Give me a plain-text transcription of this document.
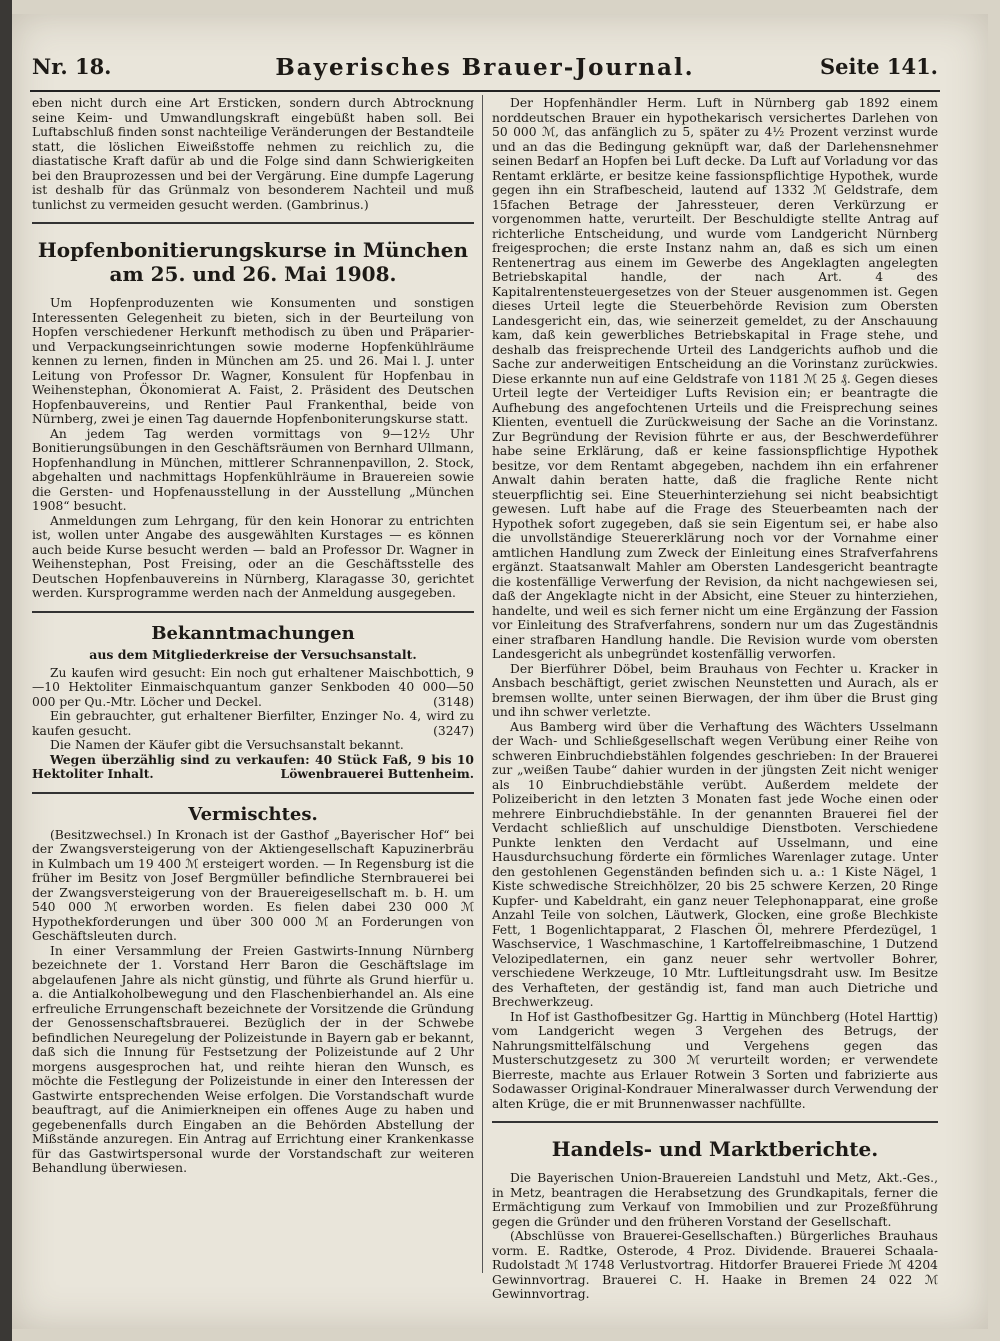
Nr. 18.	Bayerisches Brauer-Journal.	Seite 141.

eben nicht durch eine Art Ersticken, sondern durch Abtrocknung seine Keim- und Umwandlungskraft eingebüßt haben soll. Bei Luftabschluß finden sonst nachteilige Veränderungen der Bestandteile statt, die löslichen Eiweißstoffe nehmen zu reichlich zu, die diastatische Kraft dafür ab und die Folge sind dann Schwierigkeiten bei den Brauprozessen und bei der Vergärung. Eine dumpfe Lagerung ist deshalb für das Grünmalz von besonderem Nachteil und muß tunlichst zu vermeiden gesucht werden. (Gambrinus.)

Hopfenbonitierungskurse in München
am 25. und 26. Mai 1908.

Um Hopfenproduzenten wie Konsumenten und sonstigen Interessenten Gelegenheit zu bieten, sich in der Beurteilung von Hopfen verschiedener Herkunft methodisch zu üben und Präparier- und Verpackungseinrichtungen sowie moderne Hopfenkühlräume kennen zu lernen, finden in München am 25. und 26. Mai l. J. unter Leitung von Professor Dr. Wagner, Konsulent für Hopfenbau in Weihenstephan, Ökonomierat A. Faist, 2. Präsident des Deutschen Hopfenbauvereins, und Rentier Paul Frankenthal, beide von Nürnberg, zwei je einen Tag dauernde Hopfenboniterungskurse statt.

An jedem Tag werden vormittags von 9—12½ Uhr Bonitierungsübungen in den Geschäftsräumen von Bernhard Ullmann, Hopfenhandlung in München, mittlerer Schrannenpavillon, 2. Stock, abgehalten und nachmittags Hopfenkühlräume in Brauereien sowie die Gersten- und Hopfenausstellung in der Ausstellung „München 1908“ besucht.

Anmeldungen zum Lehrgang, für den kein Honorar zu entrichten ist, wollen unter Angabe des ausgewählten Kurstages — es können auch beide Kurse besucht werden — bald an Professor Dr. Wagner in Weihenstephan, Post Freising, oder an die Geschäftsstelle des Deutschen Hopfenbauvereins in Nürnberg, Klaragasse 30, gerichtet werden. Kursprogramme werden nach der Anmeldung ausgegeben.

Bekanntmachungen
aus dem Mitgliederkreise der Versuchsanstalt.

Zu kaufen wird gesucht: Ein noch gut erhaltener Maischbottich, 9—10 Hektoliter Einmaischquantum ganzer Senkboden 40 000—50 000 per Qu.-Mtr. Löcher und Deckel.	(3148)

Ein gebrauchter, gut erhaltener Bierfilter, Enzinger No. 4, wird zu kaufen gesucht.	(3247)

Die Namen der Käufer gibt die Versuchsanstalt bekannt.

Wegen überzählig sind zu verkaufen: 40 Stück Faß, 9 bis 10 Hektoliter Inhalt.	Löwenbrauerei Buttenheim.

Vermischtes.

(Besitzwechsel.) In Kronach ist der Gasthof „Bayerischer Hof“ bei der Zwangsversteigerung von der Aktiengesellschaft Kapuzinerbräu in Kulmbach um 19 400 ℳ ersteigert worden. — In Regensburg ist die früher im Besitz von Josef Bergmüller befindliche Sternbrauerei bei der Zwangsversteigerung von der Brauereigesellschaft m. b. H. um 540 000 ℳ erworben worden. Es fielen dabei 230 000 ℳ Hypothekforderungen und über 300 000 ℳ an Forderungen von Geschäftsleuten durch.

In einer Versammlung der Freien Gastwirts-Innung Nürnberg bezeichnete der 1. Vorstand Herr Baron die Geschäftslage im abgelaufenen Jahre als nicht günstig, und führte als Grund hierfür u. a. die Antialkoholbewegung und den Flaschenbierhandel an. Als eine erfreuliche Errungenschaft bezeichnete der Vorsitzende die Gründung der Genossenschaftsbrauerei. Bezüglich der in der Schwebe befindlichen Neuregelung der Polizeistunde in Bayern gab er bekannt, daß sich die Innung für Festsetzung der Polizeistunde auf 2 Uhr morgens ausgesprochen hat, und reihte hieran den Wunsch, es möchte die Festlegung der Polizeistunde in einer den Interessen der Gastwirte entsprechenden Weise erfolgen. Die Vorstandschaft wurde beauftragt, auf die Animierkneipen ein offenes Auge zu haben und gegebenenfalls durch Eingaben an die Behörden Abstellung der Mißstände anzuregen. Ein Antrag auf Errichtung einer Krankenkasse für das Gastwirtspersonal wurde der Vorstandschaft zur weiteren Behandlung überwiesen.

Der Hopfenhändler Herm. Luft in Nürnberg gab 1892 einem norddeutschen Brauer ein hypothekarisch versichertes Darlehen von 50 000 ℳ, das anfänglich zu 5, später zu 4½ Prozent verzinst wurde und an das die Bedingung geknüpft war, daß der Darlehensnehmer seinen Bedarf an Hopfen bei Luft decke. Da Luft auf Vorladung vor das Rentamt erklärte, er besitze keine fassionspflichtige Hypothek, wurde gegen ihn ein Strafbescheid, lautend auf 1332 ℳ Geldstrafe, dem 15fachen Betrage der Jahressteuer, deren Verkürzung er vorgenommen hatte, verurteilt. Der Beschuldigte stellte Antrag auf richterliche Entscheidung, und wurde vom Landgericht Nürnberg freigesprochen; die erste Instanz nahm an, daß es sich um einen Rentenertrag aus einem im Gewerbe des Angeklagten angelegten Betriebskapital handle, der nach Art. 4 des Kapitalrentensteuergesetzes von der Steuer ausgenommen ist. Gegen dieses Urteil legte die Steuerbehörde Revision zum Obersten Landesgericht ein, das, wie seinerzeit gemeldet, zu der Anschauung kam, daß kein gewerbliches Betriebskapital in Frage stehe, und deshalb das freisprechende Urteil des Landgerichts aufhob und die Sache zur anderweitigen Entscheidung an die Vorinstanz zurückwies. Diese erkannte nun auf eine Geldstrafe von 1181 ℳ 25 ₰. Gegen dieses Urteil legte der Verteidiger Lufts Revision ein; er beantragte die Aufhebung des angefochtenen Urteils und die Freisprechung seines Klienten, eventuell die Zurückweisung der Sache an die Vorinstanz. Zur Begründung der Revision führte er aus, der Beschwerdeführer habe seine Erklärung, daß er keine fassionspflichtige Hypothek besitze, vor dem Rentamt abgegeben, nachdem ihn ein erfahrener Anwalt dahin beraten hatte, daß die fragliche Rente nicht steuerpflichtig sei. Eine Steuerhinterziehung sei nicht beabsichtigt gewesen. Luft habe auf die Frage des Steuerbeamten nach der Hypothek sofort zugegeben, daß sie sein Eigentum sei, er habe also die unvollständige Steuererklärung noch vor der Vornahme einer amtlichen Handlung zum Zweck der Einleitung eines Strafverfahrens ergänzt. Staatsanwalt Mahler am Obersten Landesgericht beantragte die kostenfällige Verwerfung der Revision, da nicht nachgewiesen sei, daß der Angeklagte nicht in der Absicht, eine Steuer zu hinterziehen, handelte, und weil es sich ferner nicht um eine Ergänzung der Fassion vor Einleitung des Strafverfahrens, sondern nur um das Zugeständnis einer strafbaren Handlung handle. Die Revision wurde vom obersten Landesgericht als unbegründet kostenfällig verworfen.

Der Bierführer Döbel, beim Brauhaus von Fechter u. Kracker in Ansbach beschäftigt, geriet zwischen Neunstetten und Aurach, als er bremsen wollte, unter seinen Bierwagen, der ihm über die Brust ging und ihn schwer verletzte.

Aus Bamberg wird über die Verhaftung des Wächters Usselmann der Wach- und Schließgesellschaft wegen Verübung einer Reihe von schweren Einbruchdiebstählen folgendes geschrieben: In der Brauerei zur „weißen Taube“ dahier wurden in der jüngsten Zeit nicht weniger als 10 Einbruchdiebstähle verübt. Außerdem meldete der Polizeibericht in den letzten 3 Monaten fast jede Woche einen oder mehrere Einbruchdiebstähle. In der genannten Brauerei fiel der Verdacht schließlich auf unschuldige Dienstboten. Verschiedene Punkte lenkten den Verdacht auf Usselmann, und eine Hausdurchsuchung förderte ein förmliches Warenlager zutage. Unter den gestohlenen Gegenständen befinden sich u. a.: 1 Kiste Nägel, 1 Kiste schwedische Streichhölzer, 20 bis 25 schwere Kerzen, 20 Ringe Kupfer- und Kabeldraht, ein ganz neuer Telephonapparat, eine große Anzahl Teile von solchen, Läutwerk, Glocken, eine große Blechkiste Fett, 1 Bogenlichtapparat, 2 Flaschen Öl, mehrere Pferdezügel, 1 Waschservice, 1 Waschmaschine, 1 Kartoffelreibmaschine, 1 Dutzend Velozipedlaternen, ein ganz neuer sehr wertvoller Bohrer, verschiedene Werkzeuge, 10 Mtr. Luftleitungsdraht usw. Im Besitze des Verhafteten, der geständig ist, fand man auch Dietriche und Brechwerkzeug.

In Hof ist Gasthofbesitzer Gg. Harttig in Münchberg (Hotel Harttig) vom Landgericht wegen 3 Vergehen des Betrugs, der Nahrungsmittelfälschung und Vergehens gegen das Musterschutzgesetz zu 300 ℳ verurteilt worden; er verwendete Bierreste, machte aus Erlauer Rotwein 3 Sorten und fabrizierte aus Sodawasser Original-Kondrauer Mineralwasser durch Verwendung der alten Krüge, die er mit Brunnenwasser nachfüllte.

Handels- und Marktberichte.

Die Bayerischen Union-Brauereien Landstuhl und Metz, Akt.-Ges., in Metz, beantragen die Herabsetzung des Grundkapitals, ferner die Ermächtigung zum Verkauf von Immobilien und zur Prozeßführung gegen die Gründer und den früheren Vorstand der Gesellschaft.

(Abschlüsse von Brauerei-Gesellschaften.) Bürgerliches Brauhaus vorm. E. Radtke, Osterode, 4 Proz. Dividende. Brauerei Schaala-Rudolstadt ℳ 1748 Verlustvortrag. Hitdorfer Brauerei Friede ℳ 4204 Gewinnvortrag. Brauerei C. H. Haake in Bremen 24 022 ℳ Gewinnvortrag.
